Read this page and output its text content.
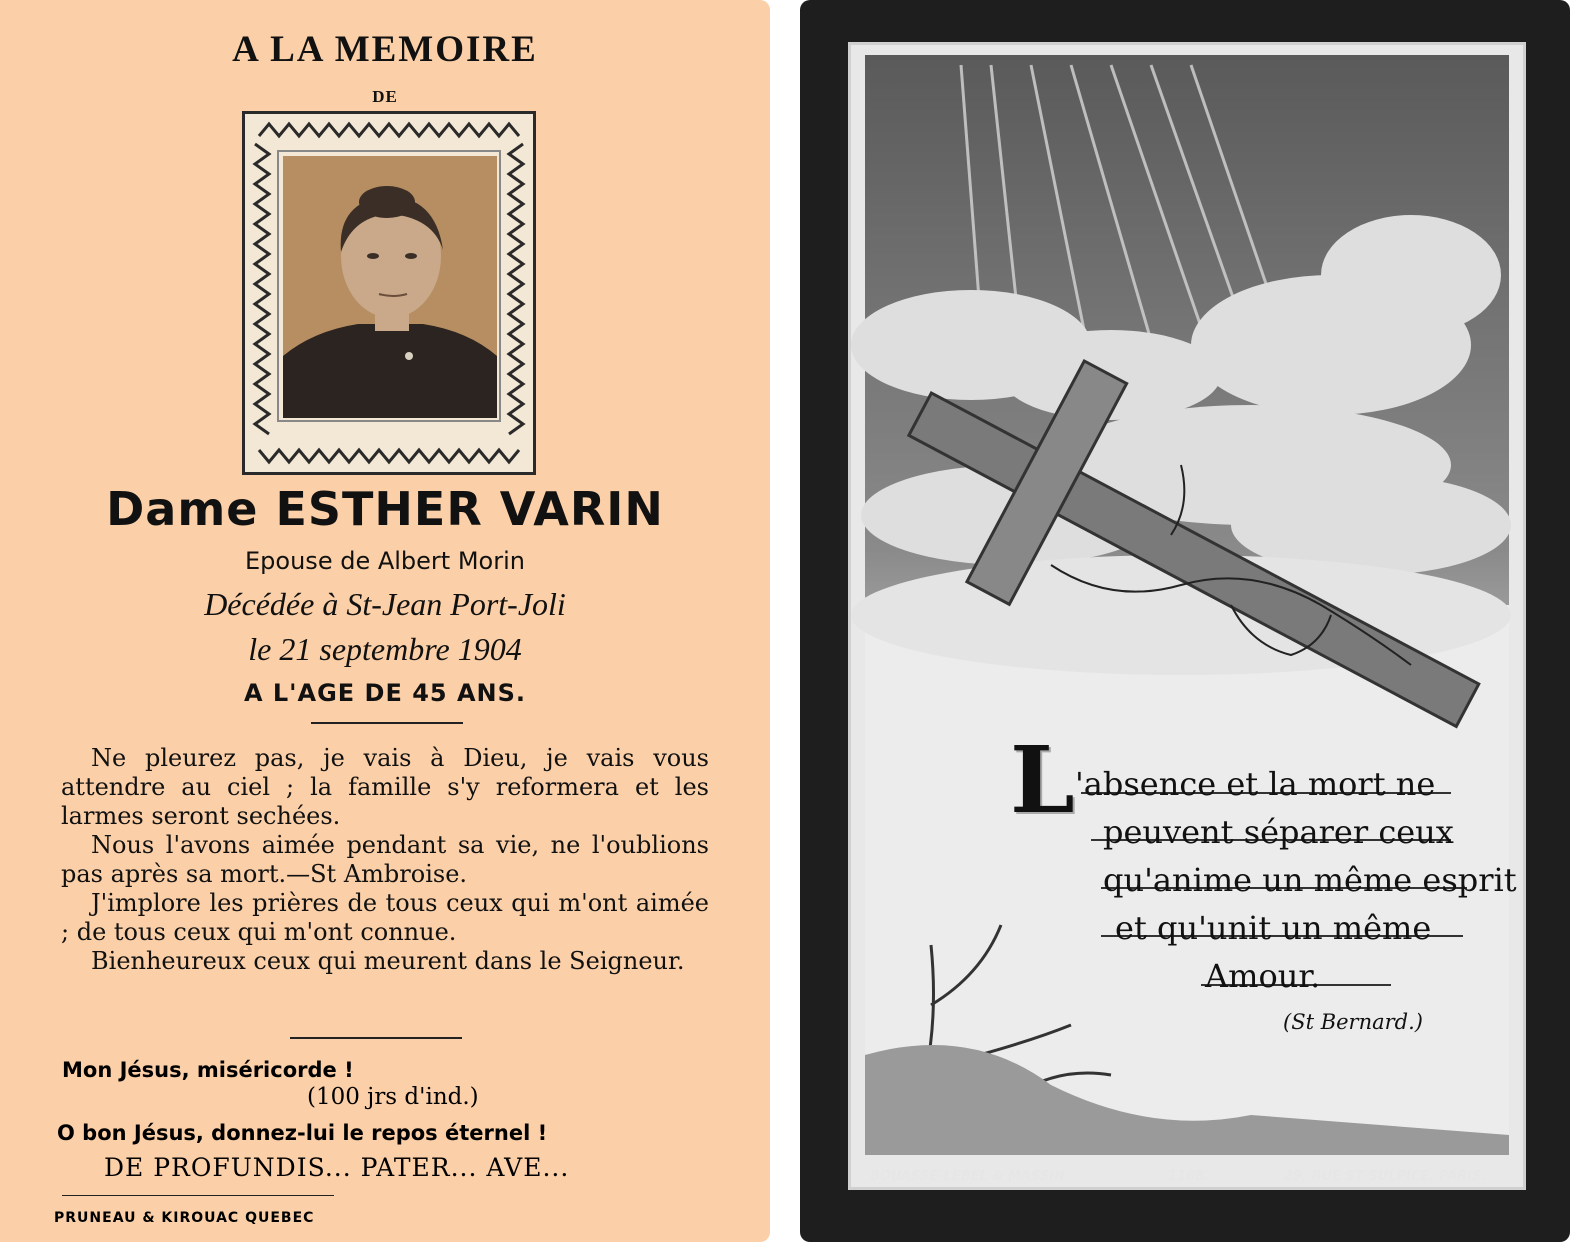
A LA MEMOIRE
DE
Dame ESTHER VARIN
Epouse de Albert Morin
Décédée à St-Jean Port-Joli
le 21 septembre 1904
A L'AGE DE 45 ANS.

Ne pleurez pas, je vais à Dieu, je vais vous attendre au ciel ; la famille s'y reformera et les larmes seront sechées.

Nous l'avons aimée pendant sa vie, ne l'oublions pas après sa mort.—St Ambroise.

J'implore les prières de tous ceux qui m'ont aimée ; de tous ceux qui m'ont connue.

Bienheureux ceux qui meurent dans le Seigneur.

Mon Jésus, miséricorde !
(100 jrs d'ind.)
O bon Jésus, donnez-lui le repos éternel !
DE PROFUNDIS... PATER... AVE...
PRUNEAU & KIROUAC QUEBEC
L 'absence et la mort ne
peuvent séparer ceux
qu'anime un même esprit
et qu'unit un même
Amour.
(St Bernard.)
BOUASSE-LEBEL & MASSIN.	1168.	29, RUE ST SULPICE, PARIS.
